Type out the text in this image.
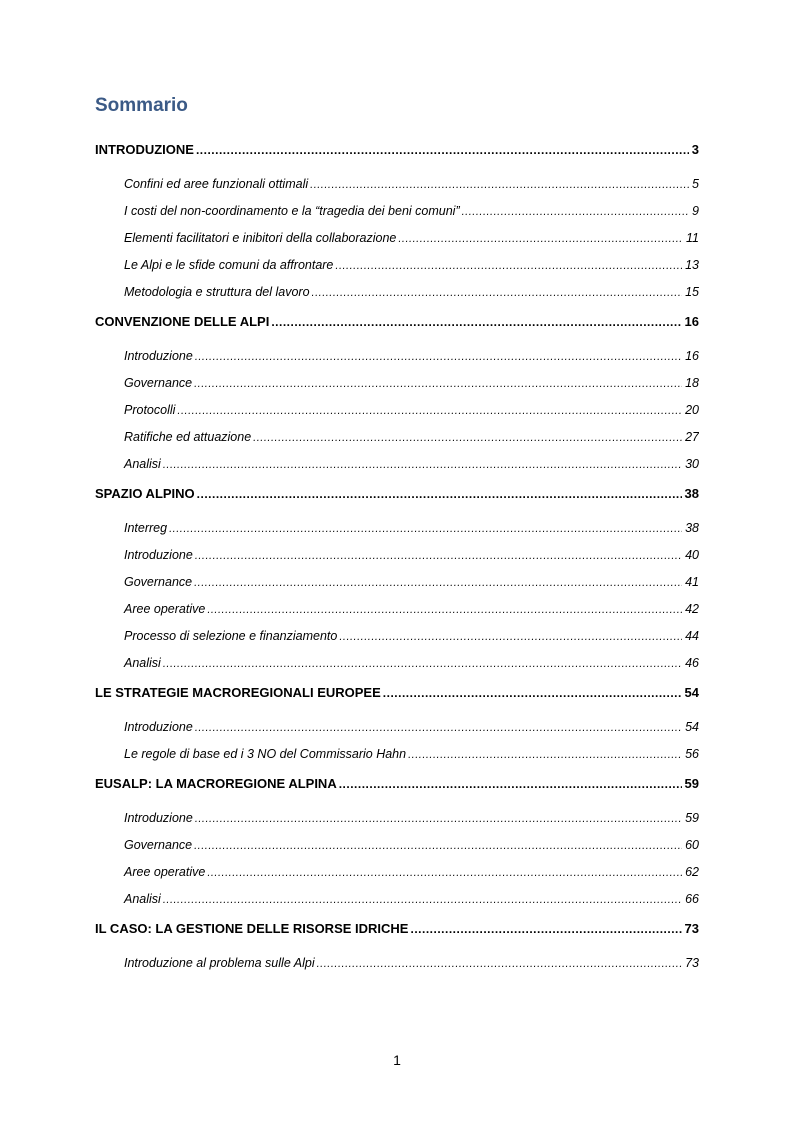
Sommario
INTRODUZIONE .....	3
Confini ed aree funzionali ottimali .....	5
I costi del non-coordinamento e la “tragedia dei beni comuni” .....	9
Elementi facilitatori e inibitori della collaborazione .....	11
Le Alpi e le sfide comuni da affrontare .....	13
Metodologia e struttura del lavoro .....	15
CONVENZIONE DELLE ALPI .....	16
Introduzione .....	16
Governance .....	18
Protocolli .....	20
Ratifiche ed attuazione .....	27
Analisi .....	30
SPAZIO ALPINO .....	38
Interreg .....	38
Introduzione .....	40
Governance .....	41
Aree operative .....	42
Processo di selezione e finanziamento .....	44
Analisi .....	46
LE STRATEGIE MACROREGIONALI EUROPEE .....	54
Introduzione .....	54
Le regole di base ed i 3 NO del Commissario Hahn .....	56
EUSALP: LA MACROREGIONE ALPINA .....	59
Introduzione .....	59
Governance .....	60
Aree operative .....	62
Analisi .....	66
IL CASO: LA GESTIONE DELLE RISORSE IDRICHE .....	73
Introduzione al problema sulle Alpi .....	73
1
